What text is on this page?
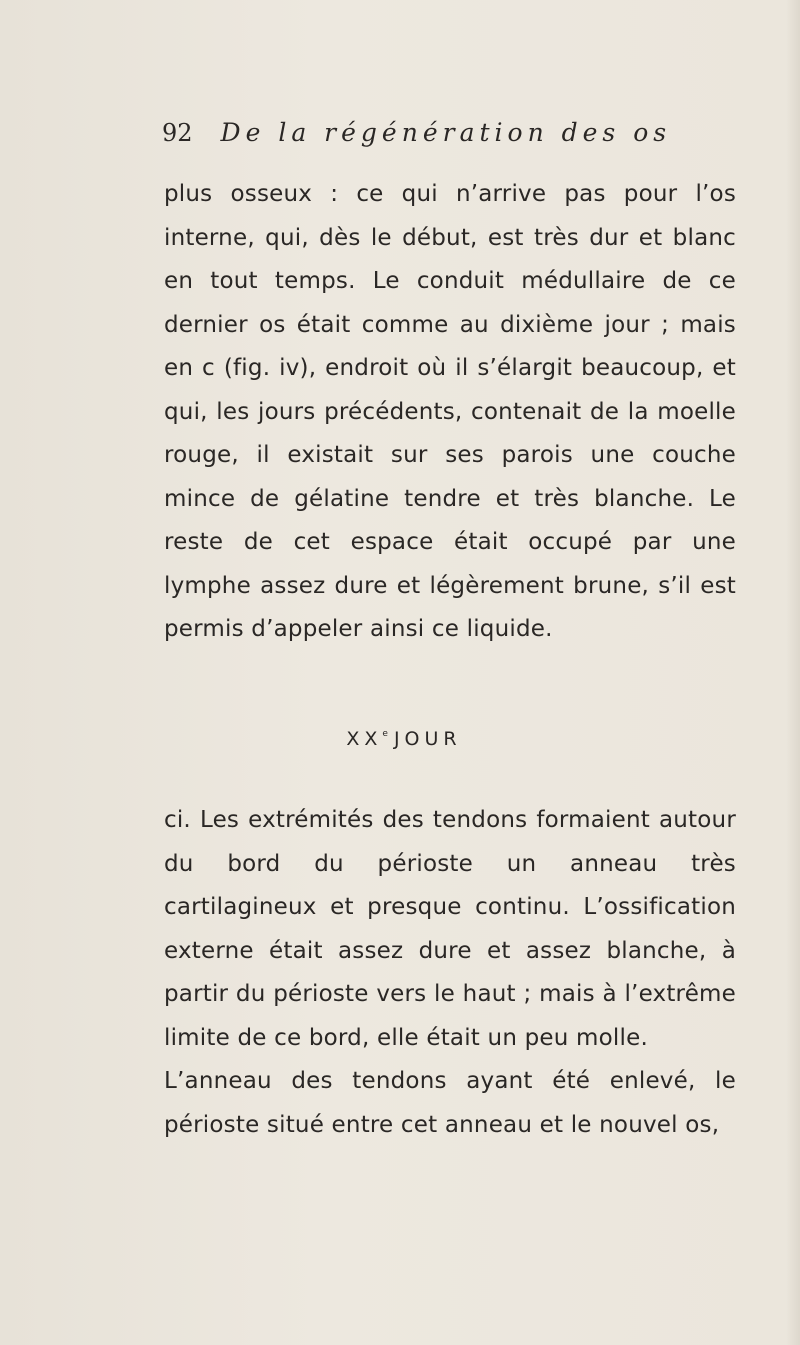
92 De la régénération des os

plus osseux : ce qui n’arrive pas pour l’os interne, qui, dès le début, est très dur et blanc en tout temps. Le conduit médullaire de ce dernier os était comme au dixième jour ; mais en c (fig. iv), endroit où il s’élargit beaucoup, et qui, les jours précédents, contenait de la moelle rouge, il existait sur ses parois une couche mince de gélatine tendre et très blanche. Le reste de cet espace était occupé par une lymphe assez dure et légèrement brune, s’il est permis d’appeler ainsi ce liquide.

XXe JOUR

ci. Les extrémités des tendons formaient autour du bord du périoste un anneau très cartilagineux et presque continu. L’ossification externe était assez dure et assez blanche, à partir du périoste vers le haut ; mais à l’extrême limite de ce bord, elle était un peu molle.

L’anneau des tendons ayant été enlevé, le périoste situé entre cet anneau et le nouvel os,
